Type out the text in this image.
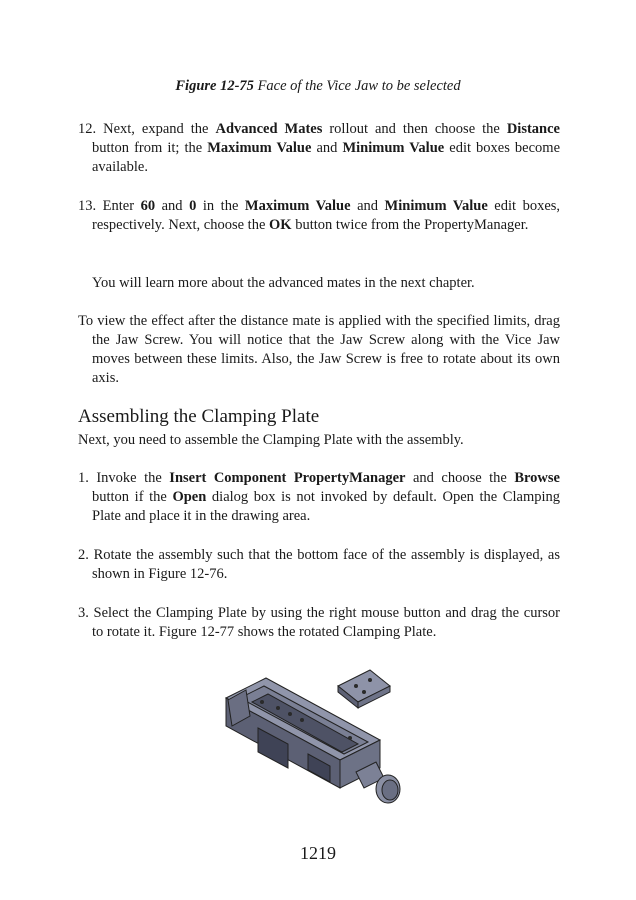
Figure 12-75 Face of the Vice Jaw to be selected
12. Next, expand the Advanced Mates rollout and then choose the Distance button from it; the Maximum Value and Minimum Value edit boxes become available.
13. Enter 60 and 0 in the Maximum Value and Minimum Value edit boxes, respectively. Next, choose the OK button twice from the PropertyManager.
You will learn more about the advanced mates in the next chapter.
To view the effect after the distance mate is applied with the specified limits, drag the Jaw Screw. You will notice that the Jaw Screw along with the Vice Jaw moves between these limits. Also, the Jaw Screw is free to rotate about its own axis.
Assembling the Clamping Plate
Next, you need to assemble the Clamping Plate with the assembly.
1. Invoke the Insert Component PropertyManager and choose the Browse button if the Open dialog box is not invoked by default. Open the Clamping Plate and place it in the drawing area.
2. Rotate the assembly such that the bottom face of the assembly is displayed, as shown in Figure 12-76.
3. Select the Clamping Plate by using the right mouse button and drag the cursor to rotate it. Figure 12-77 shows the rotated Clamping Plate.
1219
